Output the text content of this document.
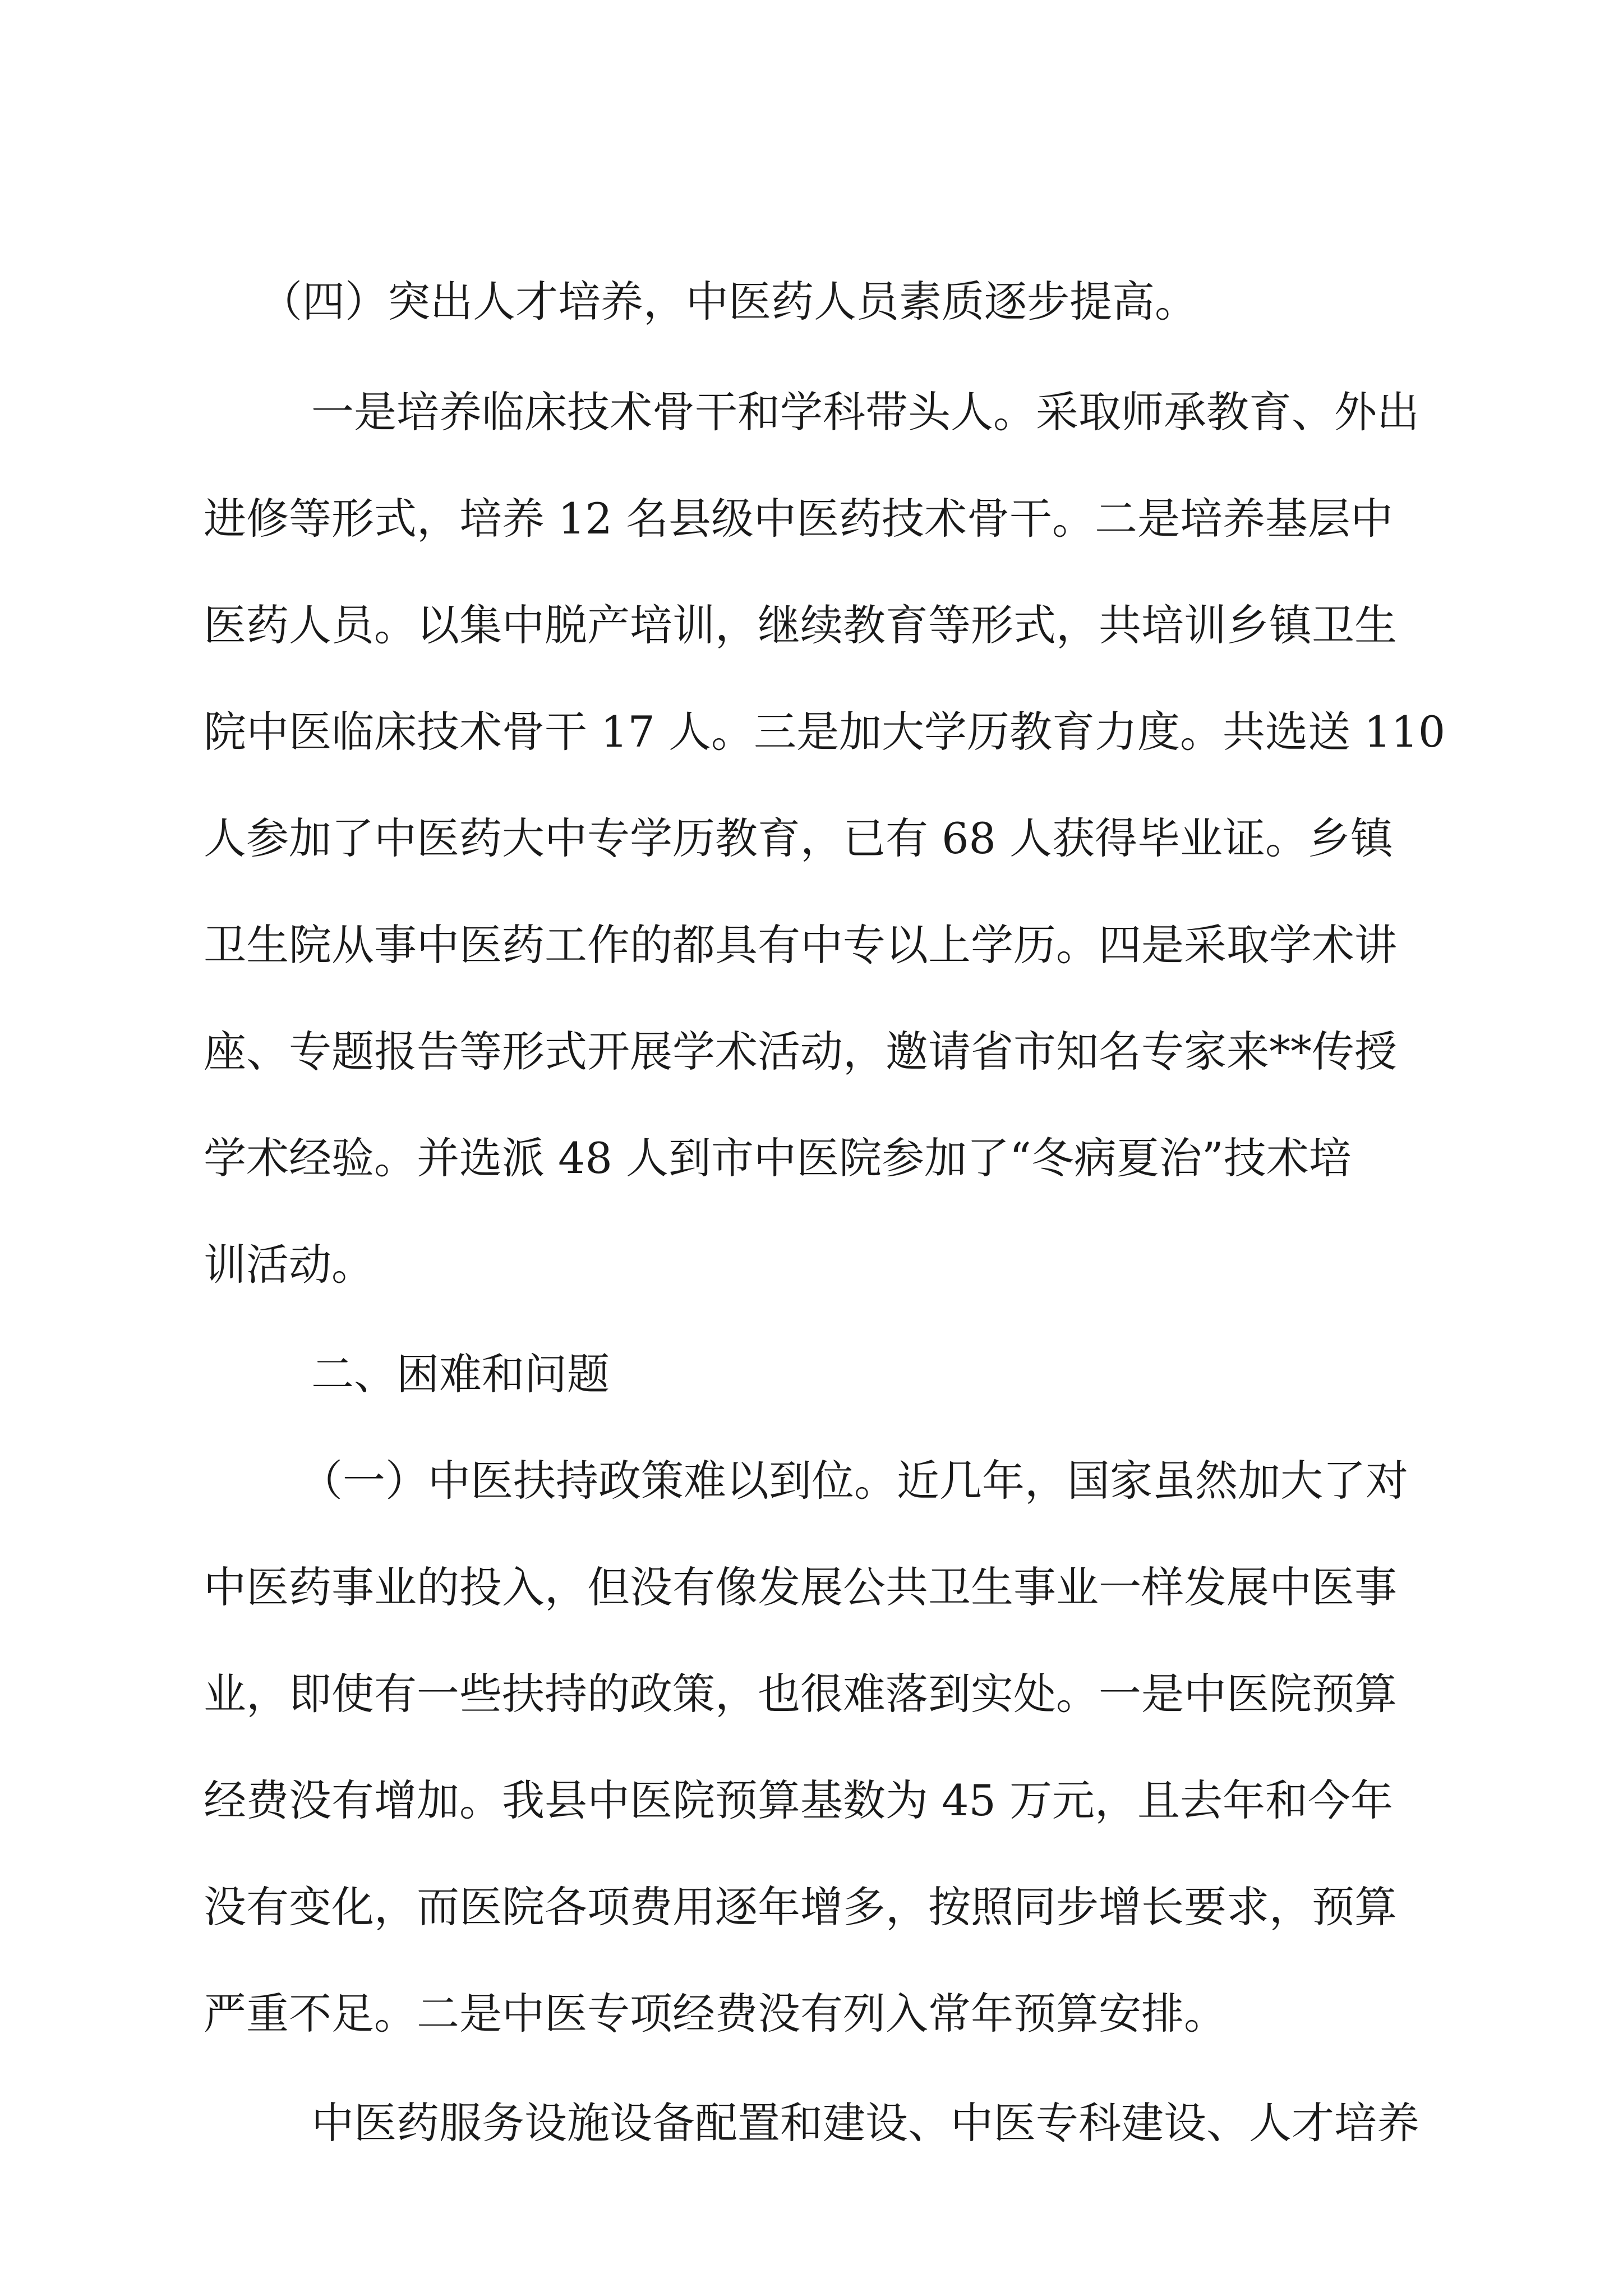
（四）突出人才培养，中医药人员素质逐步提高。
一是培养临床技术骨干和学科带头人。采取师承教育、外出
进修等形式，培养 12 名县级中医药技术骨干。二是培养基层中
医药人员。以集中脱产培训，继续教育等形式，共培训乡镇卫生
院中医临床技术骨干 17 人。三是加大学历教育力度。共选送 110
人参加了中医药大中专学历教育，已有 68 人获得毕业证。乡镇
卫生院从事中医药工作的都具有中专以上学历。四是采取学术讲
座、专题报告等形式开展学术活动，邀请省市知名专家来**传授
学术经验。并选派 48 人到市中医院参加了“冬病夏治”技术培
训活动。
二、困难和问题
（一）中医扶持政策难以到位。近几年，国家虽然加大了对
中医药事业的投入，但没有像发展公共卫生事业一样发展中医事
业，即使有一些扶持的政策，也很难落到实处。一是中医院预算
经费没有增加。我县中医院预算基数为 45 万元，且去年和今年
没有变化，而医院各项费用逐年增多，按照同步增长要求，预算
严重不足。二是中医专项经费没有列入常年预算安排。
中医药服务设施设备配置和建设、中医专科建设、人才培养
